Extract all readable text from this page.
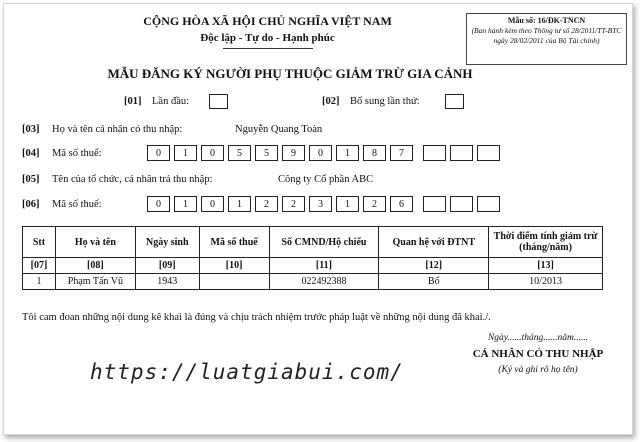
CỘNG HÒA XÃ HỘI CHỦ NGHĨA VIỆT NAM
Độc lập - Tự do - Hạnh phúc
Mẫu số: 16/ĐK-TNCN
(Ban hành kèm theo Thông tư số 28/2011/TT-BTC ngày 28/02/2011 của Bộ Tài chính)
MẪU ĐĂNG KÝ NGƯỜI PHỤ THUỘC GIẢM TRỪ GIA CẢNH
[01] Lần đầu:	[02] Bổ sung lần thứ:
[03] Họ và tên cá nhân có thu nhập:	Nguyễn Quang Toàn
[04] Mã số thuế:	0	1	0	5	5	9	0	1	8	7
[05] Tên của tổ chức, cá nhân trả thu nhập:	Công ty Cổ phần ABC
[06] Mã số thuế:	0	1	0	1	2	2	3	1	2	6
Stt	Họ và tên	Ngày sinh	Mã số thuế	Số CMND/Hộ chiếu	Quan hệ với ĐTNT	Thời điểm tính giảm trừ (tháng/năm)
[07]	[08]	[09]	[10]	[11]	[12]	[13]
1	Phạm Tấn Vũ	1943		022492388	Bố	10/2013
Tôi cam đoan những nội dung kê khai là đúng và chịu trách nhiệm trước pháp luật về những nội dung đã khai./.
Ngày......tháng......năm......
CÁ NHÂN CÓ THU NHẬP
(Ký và ghi rõ họ tên)
https://luatgiabui.com/
